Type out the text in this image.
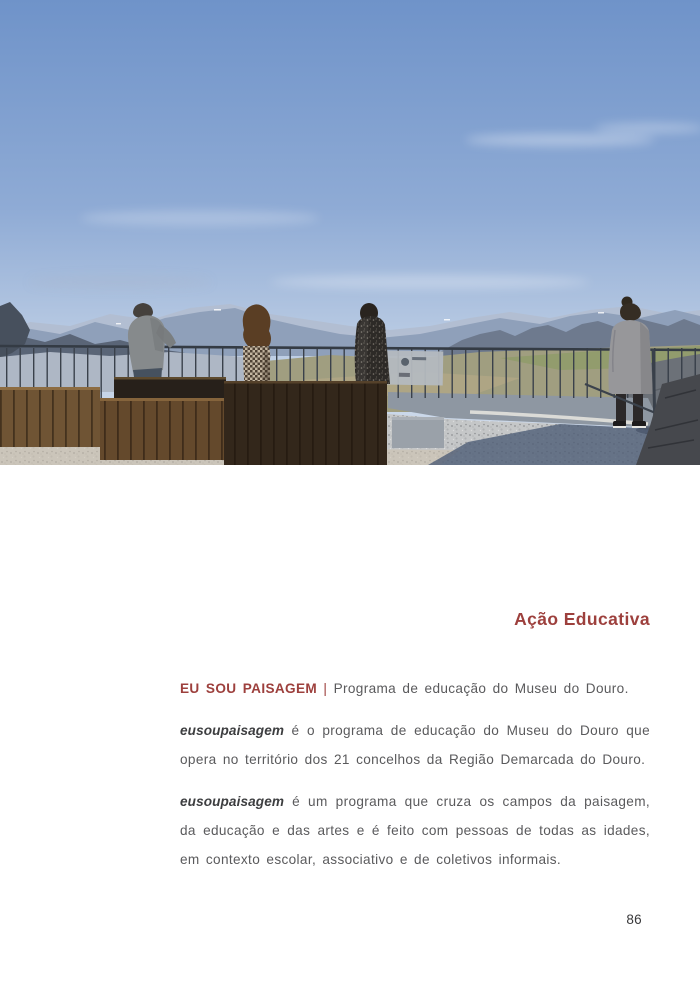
Ação Educativa

EU SOU PAISAGEM | Programa de educação do Museu do Douro.

eusoupaisagem é o programa de educação do Museu do Douro que opera no território dos 21 concelhos da Região Demarcada do Douro.

eusoupaisagem é um programa que cruza os campos da paisagem, da educação e das artes e é feito com pessoas de todas as idades, em contexto escolar, associativo e de coletivos informais.

86
